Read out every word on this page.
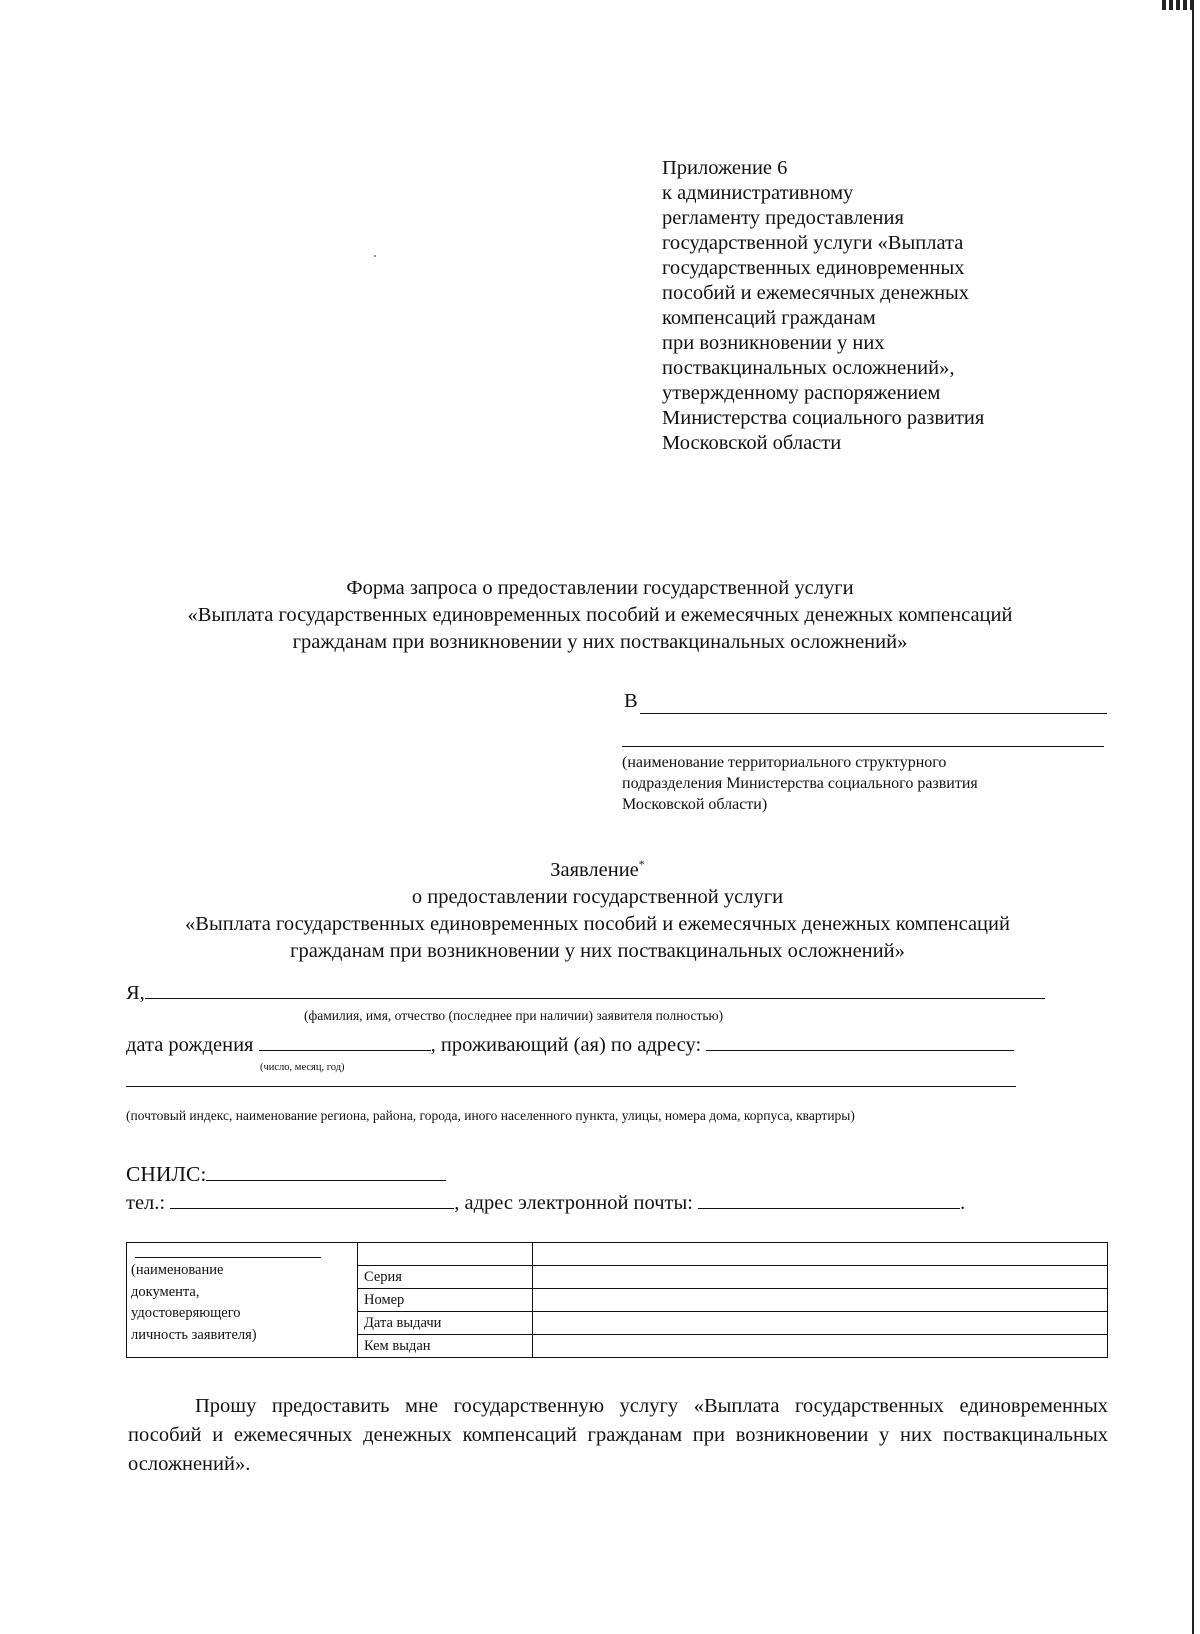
Приложение 6
к административному
регламенту предоставления
государственной услуги «Выплата
государственных единовременных
пособий и ежемесячных денежных
компенсаций гражданам
при возникновении у них
поствакцинальных осложнений»,
утвержденному распоряжением
Министерства социального развития
Московской области
Форма запроса о предоставлении государственной услуги
«Выплата государственных единовременных пособий и ежемесячных денежных компенсаций
гражданам при возникновении у них поствакцинальных осложнений»
В
(наименование территориального структурного
подразделения Министерства социального развития
Московской области)
Заявление*
о предоставлении государственной услуги
«Выплата государственных единовременных пособий и ежемесячных денежных компенсаций
гражданам при возникновении у них поствакцинальных осложнений»
Я,
(фамилия, имя, отчество (последнее при наличии) заявителя полностью)
дата рождения	, проживающий (ая) по адресу:
(число, месяц, год)
(почтовый индекс, наименование региона, района, города, иного населенного пункта, улицы, номера дома, корпуса, квартиры)
СНИЛС:
тел.:	, адрес электронной почты:	.
(наименование
документа,
удостоверяющего
личность заявителя)		

	Серия	
	Номер	
	Дата выдачи	
	Кем выдан	
Прошу предоставить мне государственную услугу «Выплата государственных единовременных пособий и ежемесячных денежных компенсаций гражданам при возникновении у них поствакцинальных осложнений».
